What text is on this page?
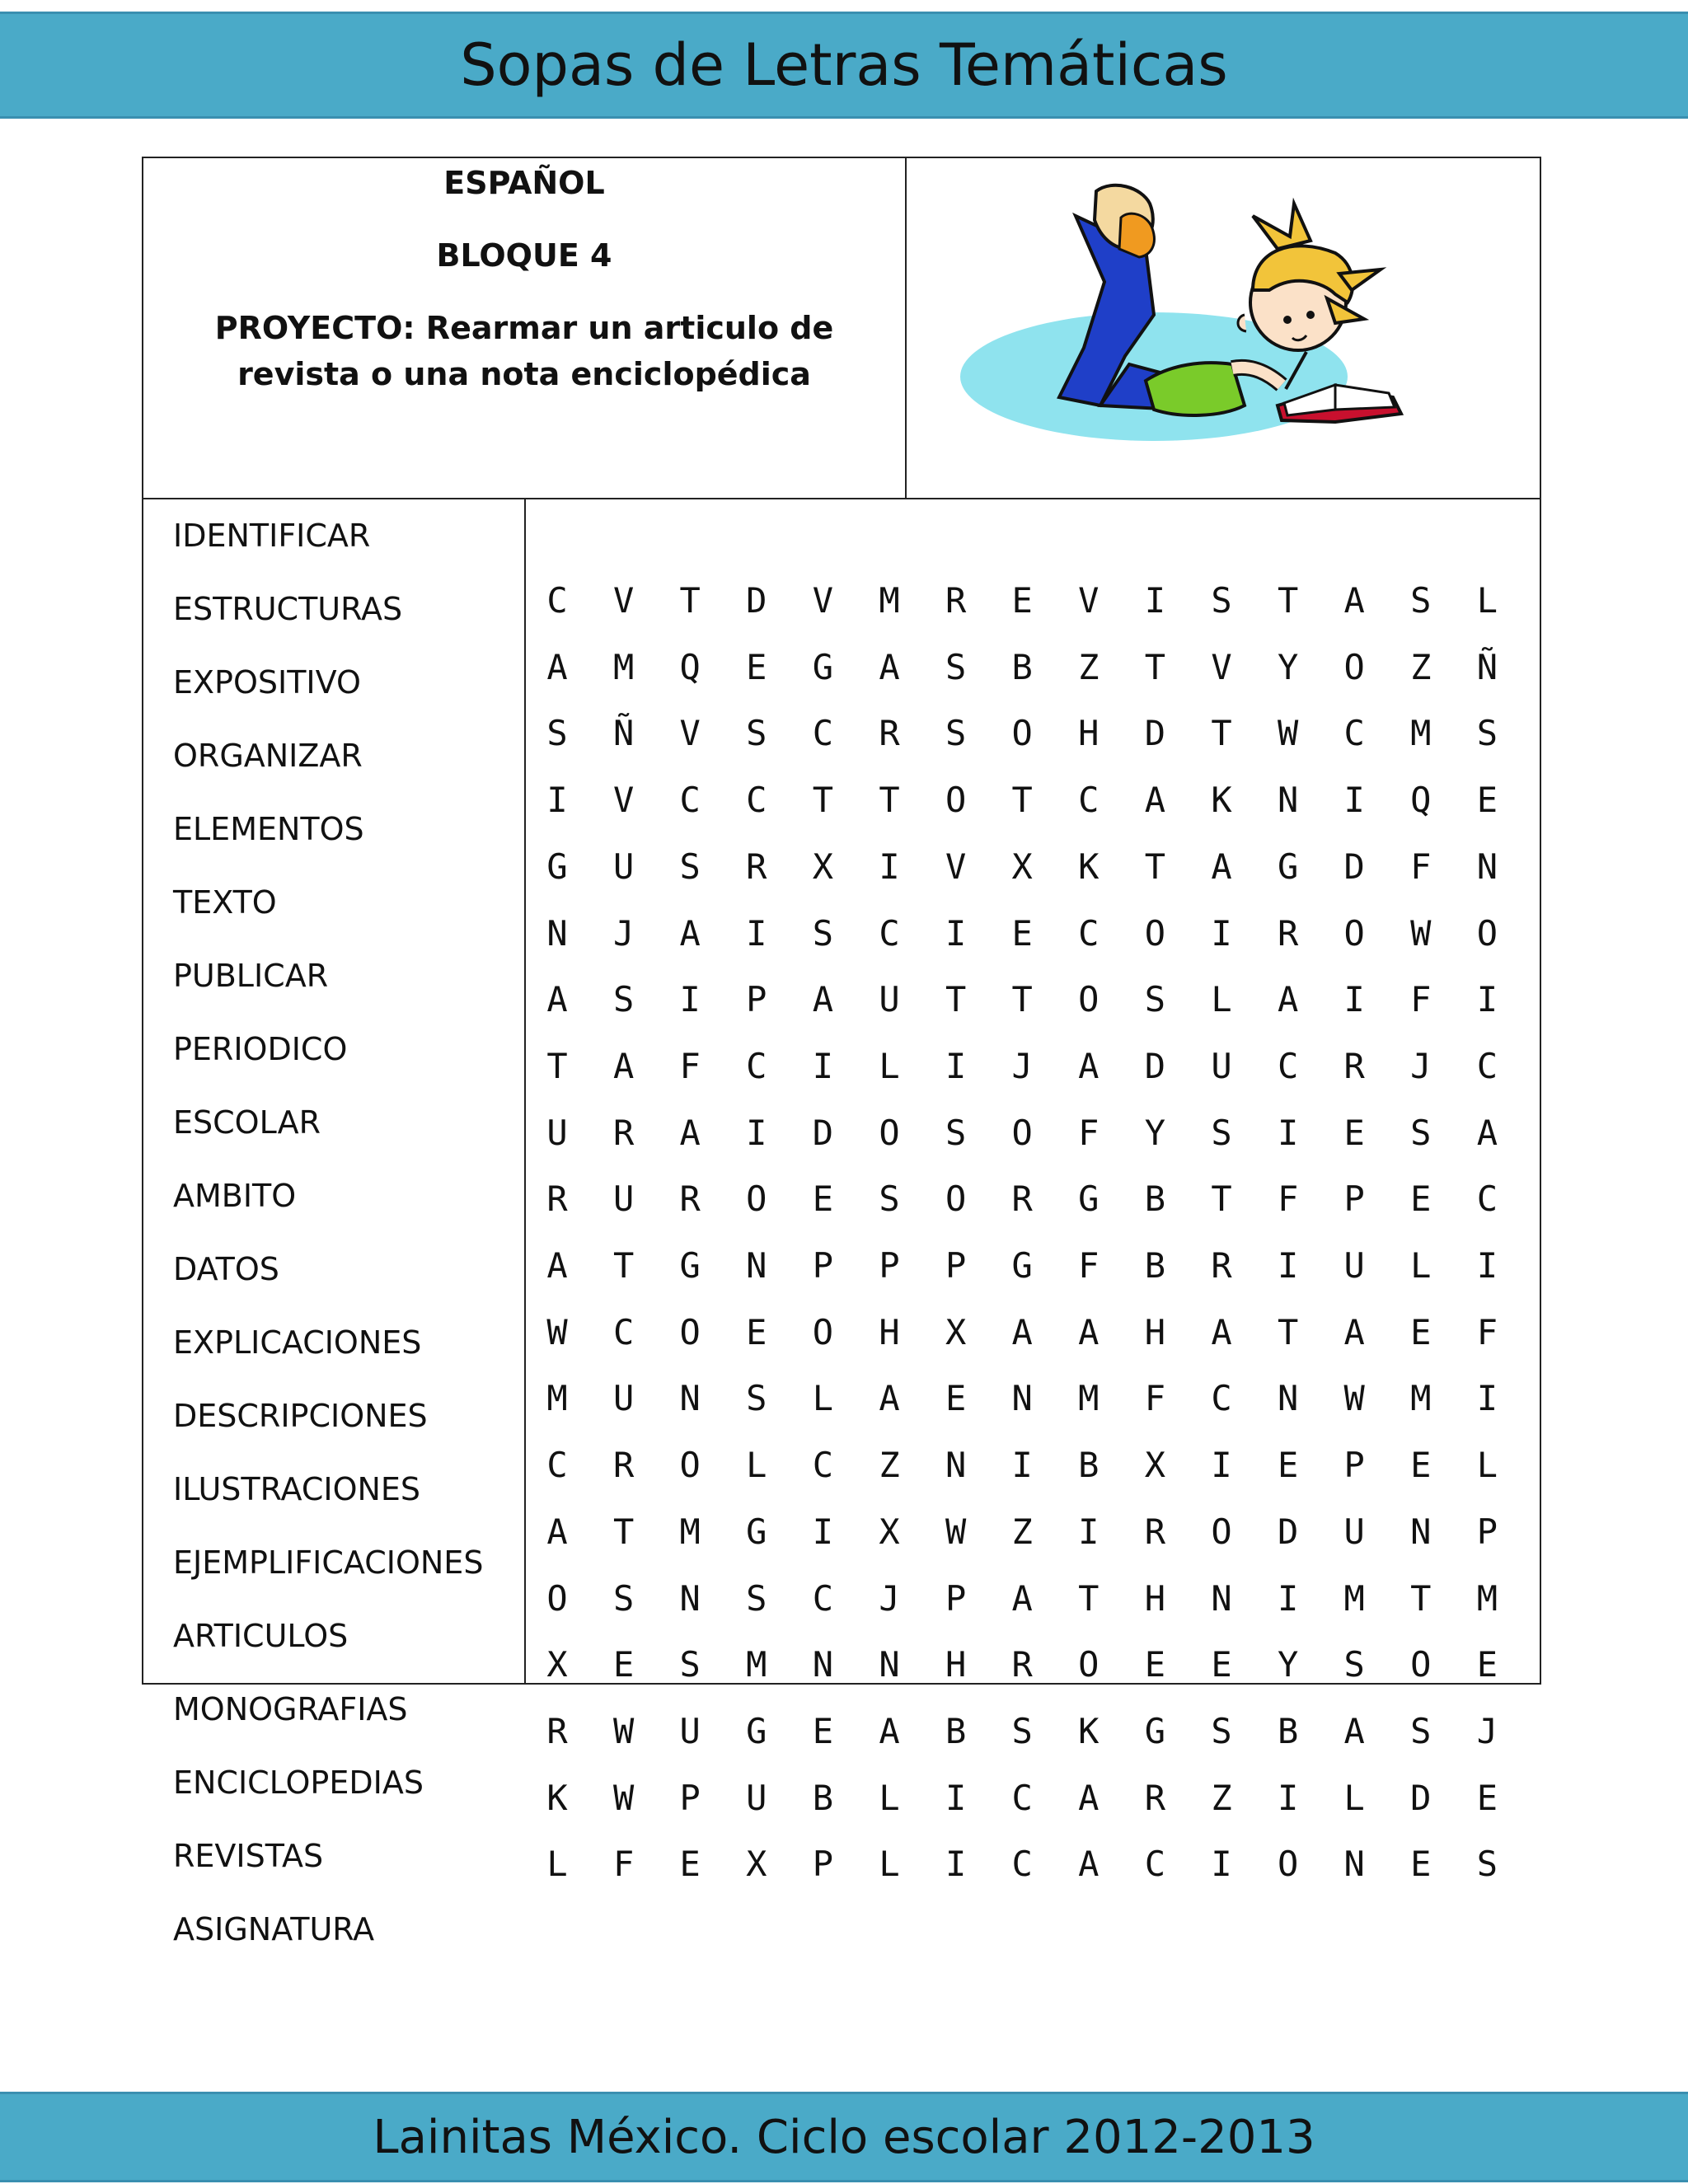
Sopas de Letras Temáticas
ESPAÑOL
BLOQUE 4
PROYECTO: Rearmar un articulo de revista o una nota enciclopédica
IDENTIFICAR
ESTRUCTURAS
EXPOSITIVO
ORGANIZAR
ELEMENTOS
TEXTO
PUBLICAR
PERIODICO
ESCOLAR
AMBITO
DATOS
EXPLICACIONES
DESCRIPCIONES
ILUSTRACIONES
EJEMPLIFICACIONES
ARTICULOS
MONOGRAFIAS
ENCICLOPEDIAS
REVISTAS
ASIGNATURA
C	V	T	D	V	M	R	E	V	I	S	T	A	S	L
A	M	Q	E	G	A	S	B	Z	T	V	Y	O	Z	Ñ
S	Ñ	V	S	C	R	S	O	H	D	T	W	C	M	S
I	V	C	C	T	T	O	T	C	A	K	N	I	Q	E
G	U	S	R	X	I	V	X	K	T	A	G	D	F	N
N	J	A	I	S	C	I	E	C	O	I	R	O	W	O
A	S	I	P	A	U	T	T	O	S	L	A	I	F	I
T	A	F	C	I	L	I	J	A	D	U	C	R	J	C
U	R	A	I	D	O	S	O	F	Y	S	I	E	S	A
R	U	R	O	E	S	O	R	G	B	T	F	P	E	C
A	T	G	N	P	P	P	G	F	B	R	I	U	L	I
W	C	O	E	O	H	X	A	A	H	A	T	A	E	F
M	U	N	S	L	A	E	N	M	F	C	N	W	M	I
C	R	O	L	C	Z	N	I	B	X	I	E	P	E	L
A	T	M	G	I	X	W	Z	I	R	O	D	U	N	P
O	S	N	S	C	J	P	A	T	H	N	I	M	T	M
X	E	S	M	N	N	H	R	O	E	E	Y	S	O	E
R	W	U	G	E	A	B	S	K	G	S	B	A	S	J
K	W	P	U	B	L	I	C	A	R	Z	I	L	D	E
L	F	E	X	P	L	I	C	A	C	I	O	N	E	S
Lainitas México. Ciclo escolar 2012-2013
